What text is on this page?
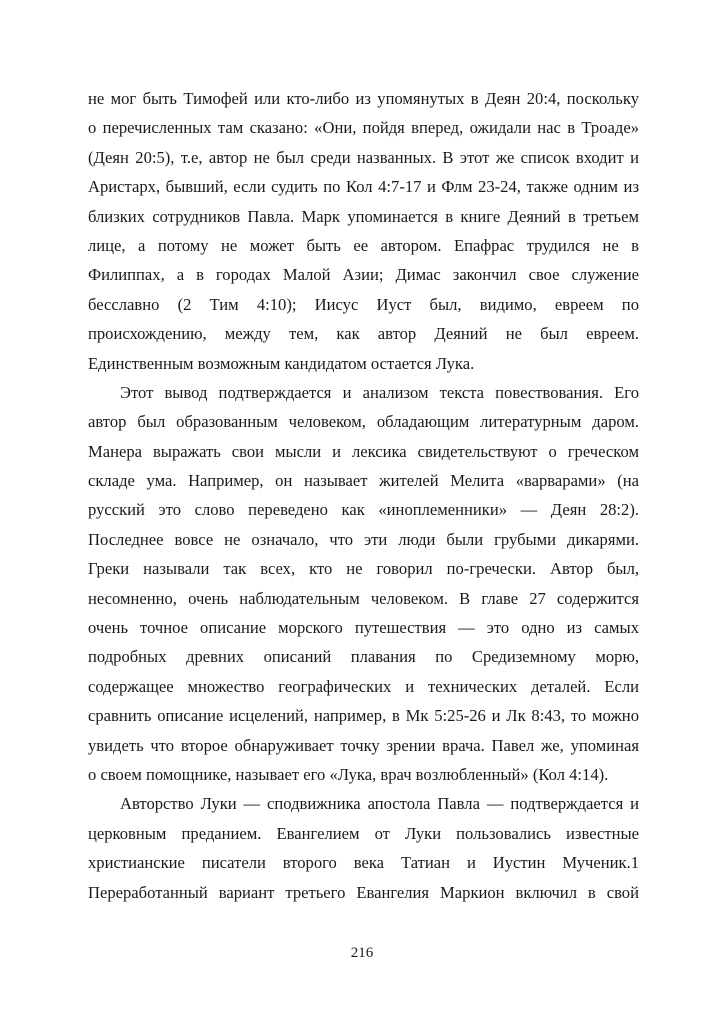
не мог быть Тимофей или кто-либо из упомянутых в Деян 20:4, поскольку
о перечисленных там сказано: «Они, пойдя вперед, ожидали нас в Троаде»
(Деян 20:5), т.е, автор не был среди названных. В этот же список входит и
Аристарх, бывший, если судить по Кол 4:7-17 и Флм 23-24, также одним из
близких сотрудников Павла. Марк упоминается в книге Деяний в третьем
лице, а потому не может быть ее автором. Епафрас трудился не в
Филиппах, а в городах Малой Азии; Димас закончил свое служение
бесславно (2 Тим 4:10); Иисус Иуст был, видимо, евреем по
происхождению, между тем, как автор Деяний не был евреем.
Единственным возможным кандидатом остается Лука.
Этот вывод подтверждается и анализом текста повествования. Его
автор был образованным человеком, обладающим литературным даром.
Манера выражать свои мысли и лексика свидетельствуют о греческом
складе ума. Например, он называет жителей Мелита «варварами» (на
русский это слово переведено как «иноплеменники» — Деян 28:2).
Последнее вовсе не означало, что эти люди были грубыми дикарями.
Греки называли так всех, кто не говорил по-гречески. Автор был,
несомненно, очень наблюдательным человеком. В главе 27 содержится
очень точное описание морского путешествия — это одно из самых
подробных древних описаний плавания по Средиземному морю,
содержащее множество географических и технических деталей. Если
сравнить описание исцелений, например, в Мк 5:25-26 и Лк 8:43, то можно
увидеть что второе обнаруживает точку зрении врача. Павел же, упоминая
о своем помощнике, называет его «Лука, врач возлюбленный» (Кол 4:14).
Авторство Луки — сподвижника апостола Павла — подтверждается и
церковным преданием. Евангелием от Луки пользовались известные
христианские писатели второго века Татиан и Иустин Мученик.1
Переработанный вариант третьего Евангелия Маркион включил в свой
216
